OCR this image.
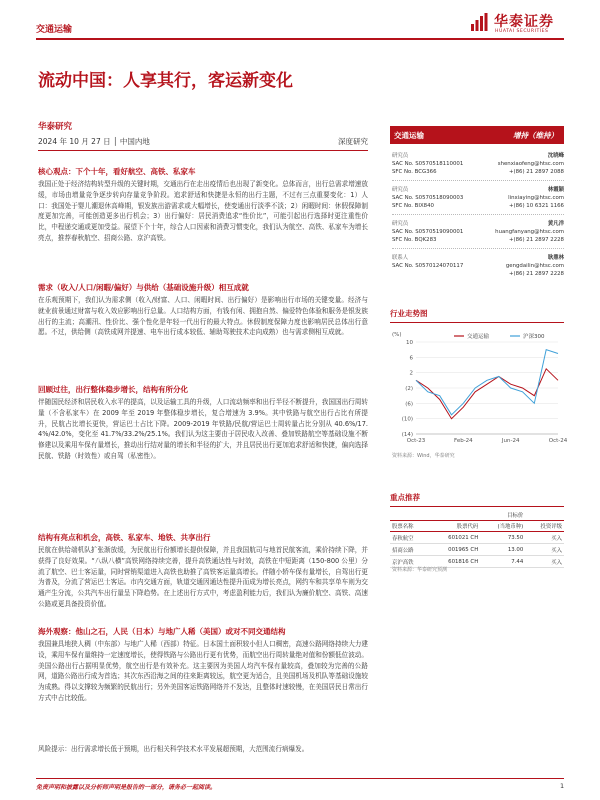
交通运输	华泰证券
HUATAI SECURITIES
流动中国：人享其行，客运新变化
华泰研究
2024 年 10 月 27 日 │ 中国内地	深度研究
核心观点：下个十年，看好航空、高铁、私家车
我国正处于经济结构转型升级的关键时期，交通出行在走出疫情后也出现了新变化。总体而言，出行总需求增速放缓，市场由增量竞争逐步转向存量竞争阶段。追求舒适和快捷是永恒的出行主题，不过有三点重要变化：1）人口：我国处于婴儿潮退休高峰期，银发族出游需求或大幅增长，使变通出行淡季不淡；2）闲暇时间：休假保障制度更加完善，可能创造更多出行机会；3）出行偏好：居民消费追求“性价比”，可能引起出行选择时更注重性价比，中程递交通或更加受益。展望下个十年，综合人口因素和消费习惯变化，我们认为航空、高铁、私家车为增长亮点，推荐春秋航空、招商公路、京沪高铁。
需求（收入/人口/闲暇/偏好）与供给（基础设施升级）相互成就
在乐观预期下，我们认为需求侧（收入/财富、人口、闲暇时间、出行偏好）是影响出行市场的关键变量。经济与就业前景通过财富与收入效应影响出行总量。人口结构方面，有钱有闲、拥抱自然、偏爱特色体验和服务是银发族出行的主流；高潮汛、性价比、强个性化是年轻一代出行的最大特点。休假制度保障力度也影响居民总体出行意愿。不过，供给侧（高铁成网并提速、电车出行成本较低、辅助驾驶技术走向成熟）也与需求侧相互成就。
回顾过往，出行整体稳步增长，结构有所分化
伴随国民经济和居民收入水平的提高，以及运输工具的升级，人口流动频率和出行半径不断提升，我国国出行周转量（不含私家车）在 2009 年至 2019 年整体稳步增长，复合增速为 3.9%。其中铁路与航空出行占比有所提升，民航占比增长更快，营运巴士占比下降。2009-2019 年铁路/民航/营运巴士周转量占比分别从 40.6%/17.4%/42.0%，变化至 41.7%/33.2%/25.1%。我们认为这主要由于居民收入改善、叠加铁路航空等基础设施不断修建以及乘用车保有量增长，推动出行结对量的增长和半径的扩大，并且居民出行更加追求舒适和快捷，偏向选择民航、铁路（时效性）或自驾（私密性）。
结构有亮点和机会，高铁、私家车、地铁、共享出行
民航在供给端机队扩张渐放缓，为民航出行份额增长提供保障，并且我国航司与地首民航客流，乘价持续下降，并获得了良好效果。“八纵八横”高铁网络持续完善，提升高铁通达性与时效，高铁在中短距离（150-800 公里）分流了航空、巴士客运量，同时营销渠道进入高铁也助推了高铁客运量高增长。伴随小轿车保有量增长，自驾出行更为普及，分流了营运巴士客运。市内交通方面，轨道交通因通达性提升而成为增长亮点，网约车和共享单车则为交通产生分流，公共汽车出行量呈下降趋势。在上述出行方式中，考虑盈利能力后，我们认为廉价航空、高铁、高速公路或更具备投资价值。
海外观察：他山之石，人民（日本）与地广人稀（美国）或对不同交通结构
我国兼具地狭人稠（中东部）与地广人稀（西部）特征。日本国土面积较小但人口稠密，高速公路网络持续大力建设，乘用车保有量维持一定速度增长，使得铁路与公路出行更有优势，而航空出行周转量绝对值和份额低位波动。美国公路出行占据明显优势，航空出行是有效补充。这主要因为美国人均汽车保有量较高，叠加较为完善的公路网，道路公路出行成为首选；其次东西沿海之间的往来距离较远，航空更为适合，且美国机场及机队等基础设施较为成熟。得以支撑较为频繁的民航出行；另外美国客运铁路网络并不发达，且整体时速较慢，在美国居民日常出行方式中占比较低。
风险提示：出行需求增长低于预期，出行相关科学技术水平发展超预期，大范围流行病爆发。
交通运输	增持（维持）
研究员	沈晓峰
SAC No. S0570518110001	shenxiaofeng@htsc.com
SFC No. BCG366	+(86) 21 2897 2088
研究员	林霞颖
SAC No. S0570518090003	linxiaying@htsc.com
SFC No. BIX840	+(86) 10 6321 1166
研究员	黄凡洋
SAC No. S0570519090001	huangfanyang@htsc.com
SFC No. BQK283	+(86) 21 2897 2228
联系人	耿鼎林
SAC No. S0570124070117	gengdailin@htsc.com
+(86) 21 2897 2228
行业走势图
(%)
10
6
2
(2)
(6)
(10)
(14)
Oct-23	Feb-24	Jun-24	Oct-24
交通运输	沪深300
资料来源：Wind，华泰研究
重点推荐
		目标价	
股票名称	股票代码	(当地币种)	投资评级
春秋航空	601021 CH	73.50	买入
招商公路	001965 CH	13.00	买入
京沪高铁	601816 CH	7.44	买入
资料来源：华泰研究预测
免责声明和披露以及分析师声明是报告的一部分，请务必一起阅读。	1
